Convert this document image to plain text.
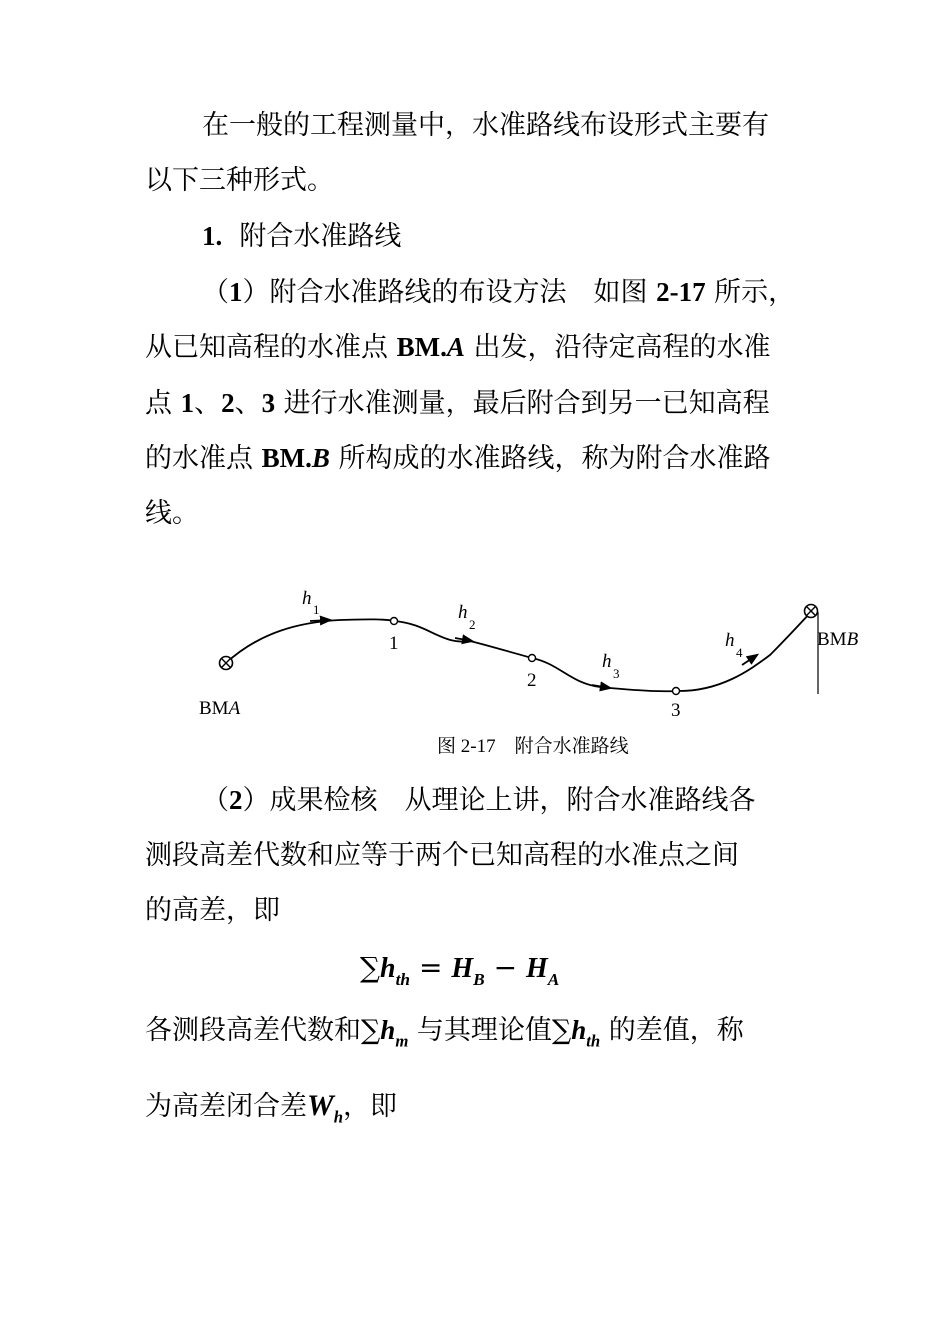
在一般的工程测量中，水准路线布设形式主要有
以下三种形式。
1. 附合水准路线
（1）附合水准路线的布设方法　如图 2-17 所示，
从已知高程的水准点 BM.A 出发，沿待定高程的水准
点 1、2、3 进行水准测量，最后附合到另一已知高程
的水准点 BM.B 所构成的水准路线，称为附合水准路
线。
BMA
BMB
1
2
3
h
1	h
2
h
3
h
4
图 2-17　附合水准路线
（2）成果检核　从理论上讲，附合水准路线各
测段高差代数和应等于两个已知高程的水准点之间
的高差，即
$\sum h_{th} = H_B - H_A$
各测段高差代数和$\sum h_m$ 与其理论值$\sum h_{th}$ 的差值，称
为高差闭合差$W_h$，即
